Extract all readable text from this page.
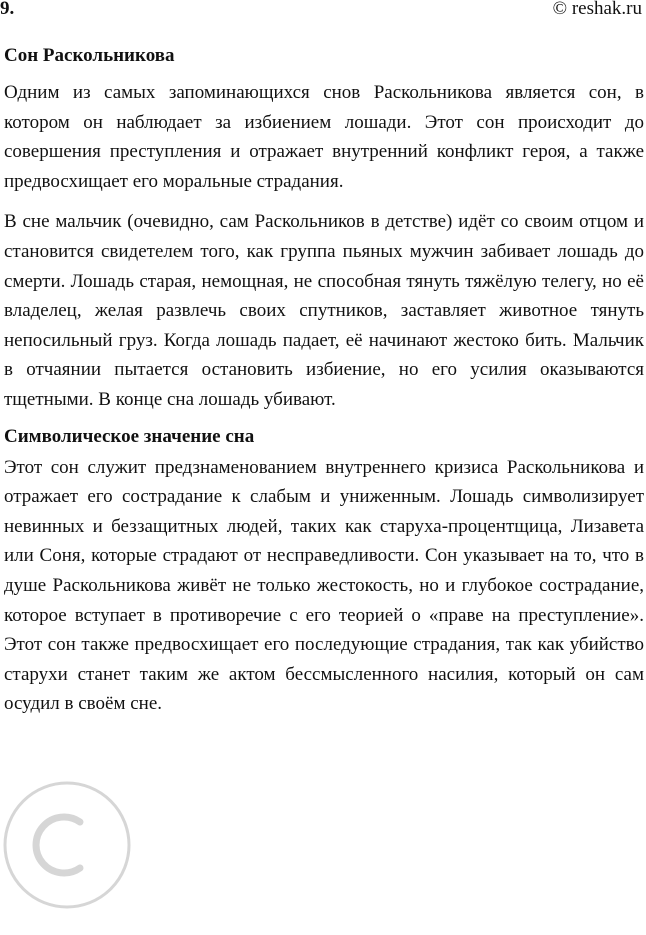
9.	© reshak.ru
Сон Раскольникова

Одним из самых запоминающихся снов Раскольникова является сон, в котором он наблюдает за избиением лошади. Этот сон происходит до совершения преступления и отражает внутренний конфликт героя, а также предвосхищает его моральные страдания.

В сне мальчик (очевидно, сам Раскольников в детстве) идёт со своим отцом и становится свидетелем того, как группа пьяных мужчин забивает лошадь до смерти. Лошадь старая, немощная, не способная тянуть тяжёлую телегу, но её владелец, желая развлечь своих спутников, заставляет животное тянуть непосильный груз. Когда лошадь падает, её начинают жестоко бить. Мальчик в отчаянии пытается остановить избиение, но его усилия оказываются тщетными. В конце сна лошадь убивают.

Символическое значение сна

Этот сон служит предзнаменованием внутреннего кризиса Раскольникова и отражает его сострадание к слабым и униженным. Лошадь символизирует невинных и беззащитных людей, таких как старуха-процентщица, Лизавета или Соня, которые страдают от несправедливости. Сон указывает на то, что в душе Раскольникова живёт не только жестокость, но и глубокое сострадание, которое вступает в противоречие с его теорией о «праве на преступление». Этот сон также предвосхищает его последующие страдания, так как убийство старухи станет таким же актом бессмысленного насилия, который он сам осудил в своём сне.
